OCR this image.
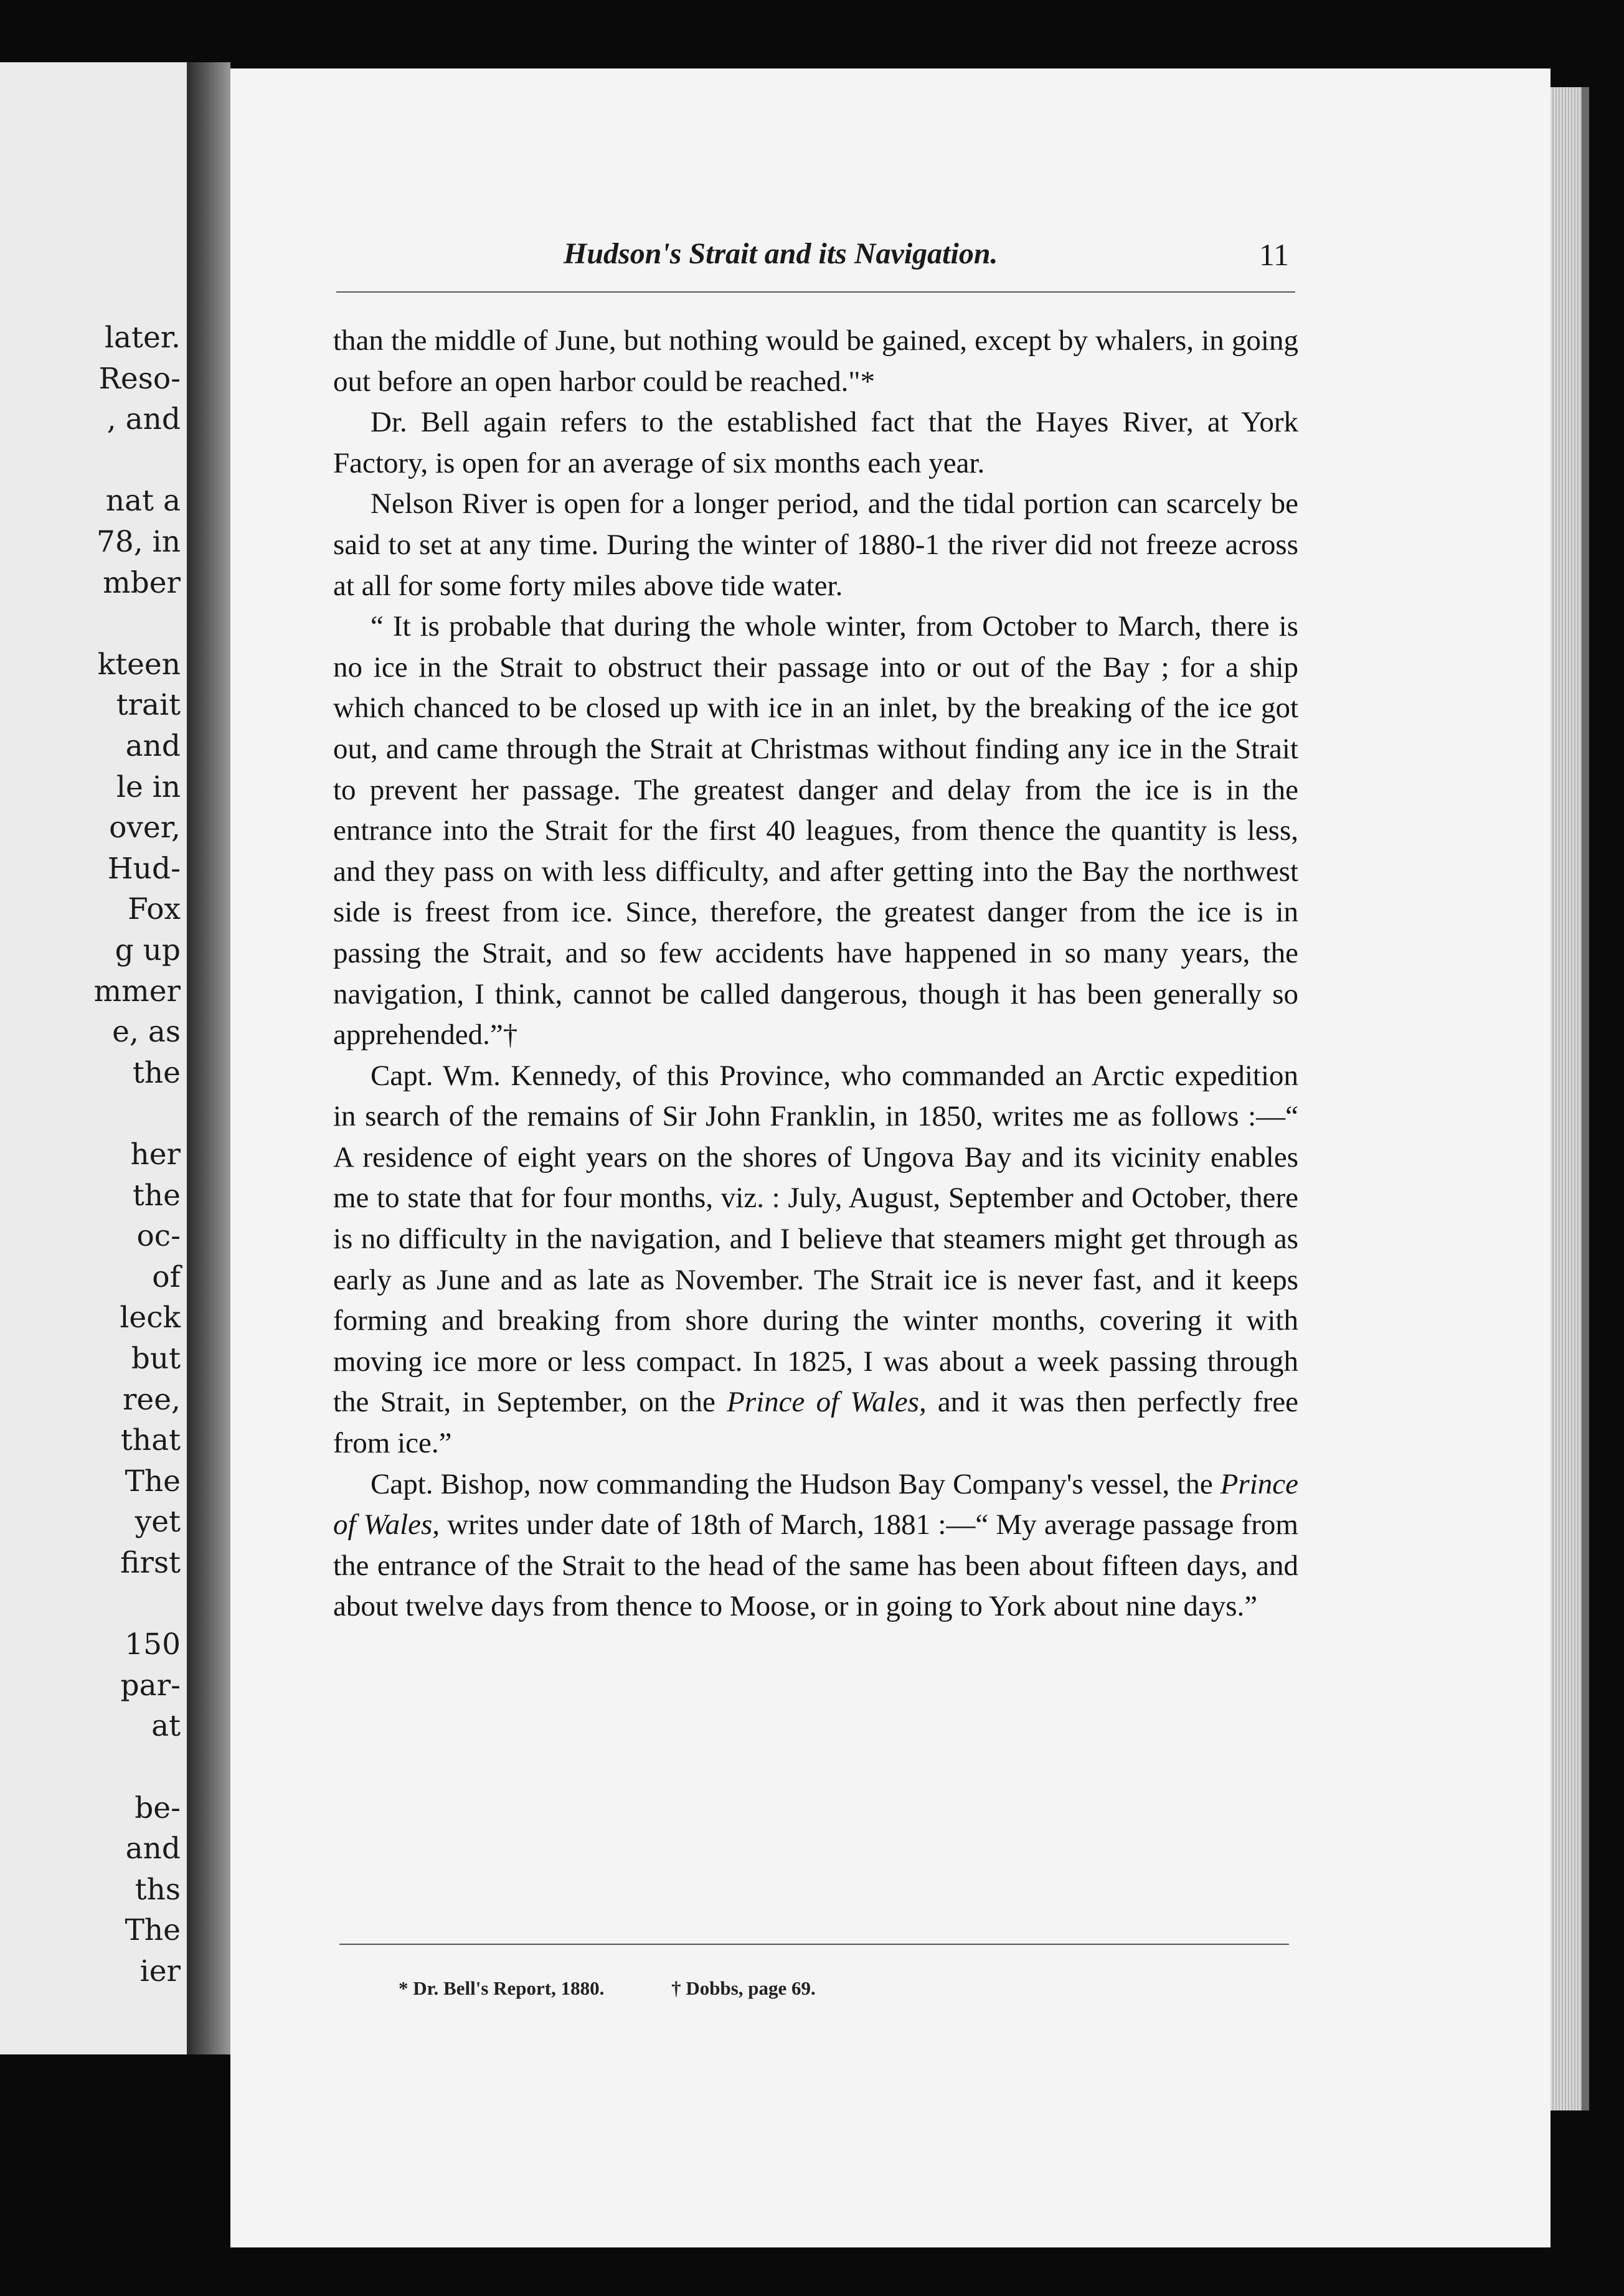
later.
Reso-
, and
nat a
78, in
mber
kteen
trait
and
le in
over,
Hud-
Fox
g up
mmer
e, as
the
her
the
oc-
of
leck
but
ree,
that
The
yet
first
150
par-
at
be-
and
ths
The
ier
Hudson's Strait and its Navigation.	11

than the middle of June, but nothing would be gained, except by whalers, in going out before an open harbor could be reached."*

Dr. Bell again refers to the established fact that the Hayes River, at York Factory, is open for an average of six months each year.

Nelson River is open for a longer period, and the tidal portion can scarcely be said to set at any time. During the winter of 1880-1 the river did not freeze across at all for some forty miles above tide water.

“ It is probable that during the whole winter, from October to March, there is no ice in the Strait to obstruct their passage into or out of the Bay ; for a ship which chanced to be closed up with ice in an inlet, by the breaking of the ice got out, and came through the Strait at Christmas without finding any ice in the Strait to prevent her passage. The greatest danger and delay from the ice is in the entrance into the Strait for the first 40 leagues, from thence the quantity is less, and they pass on with less difficulty, and after getting into the Bay the northwest side is freest from ice. Since, therefore, the greatest danger from the ice is in passing the Strait, and so few accidents have happened in so many years, the navigation, I think, cannot be called dangerous, though it has been generally so apprehended.”†

Capt. Wm. Kennedy, of this Province, who commanded an Arctic expedition in search of the remains of Sir John Franklin, in 1850, writes me as follows :—“ A residence of eight years on the shores of Ungova Bay and its vicinity enables me to state that for four months, viz. : July, August, September and October, there is no difficulty in the navigation, and I believe that steamers might get through as early as June and as late as November. The Strait ice is never fast, and it keeps forming and breaking from shore during the winter months, covering it with moving ice more or less compact. In 1825, I was about a week passing through the Strait, in September, on the Prince of Wales, and it was then perfectly free from ice.”

Capt. Bishop, now commanding the Hudson Bay Company's vessel, the Prince of Wales, writes under date of 18th of March, 1881 :—“ My average passage from the entrance of the Strait to the head of the same has been about fifteen days, and about twelve days from thence to Moose, or in going to York about nine days.”

* Dr. Bell's Report, 1880.	† Dobbs, page 69.
